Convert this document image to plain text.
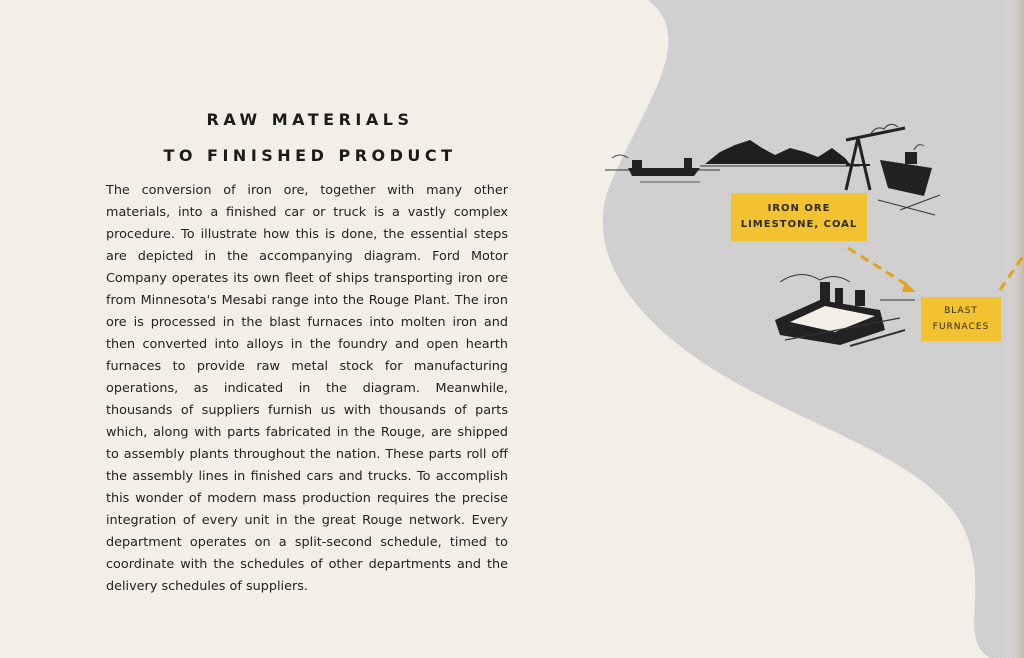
RAW MATERIALS
TO FINISHED PRODUCT

The conversion of iron ore, together with many other materials, into a finished car or truck is a vastly complex procedure. To illustrate how this is done, the essential steps are depicted in the accompanying diagram. Ford Motor Company operates its own fleet of ships transporting iron ore from Minnesota's Mesabi range into the Rouge Plant. The iron ore is processed in the blast furnaces into molten iron and then converted into alloys in the foundry and open hearth furnaces to provide raw metal stock for manufacturing operations, as indicated in the diagram. Meanwhile, thousands of suppliers furnish us with thousands of parts which, along with parts fabricated in the Rouge, are shipped to assembly plants throughout the nation. These parts roll off the assembly lines in finished cars and trucks. To accomplish this wonder of modern mass production requires the precise integration of every unit in the great Rouge network. Every department operates on a split-second schedule, timed to coordinate with the schedules of other departments and the delivery schedules of suppliers.

IRON ORE
LIMESTONE, COAL
BLAST
FURNACES
